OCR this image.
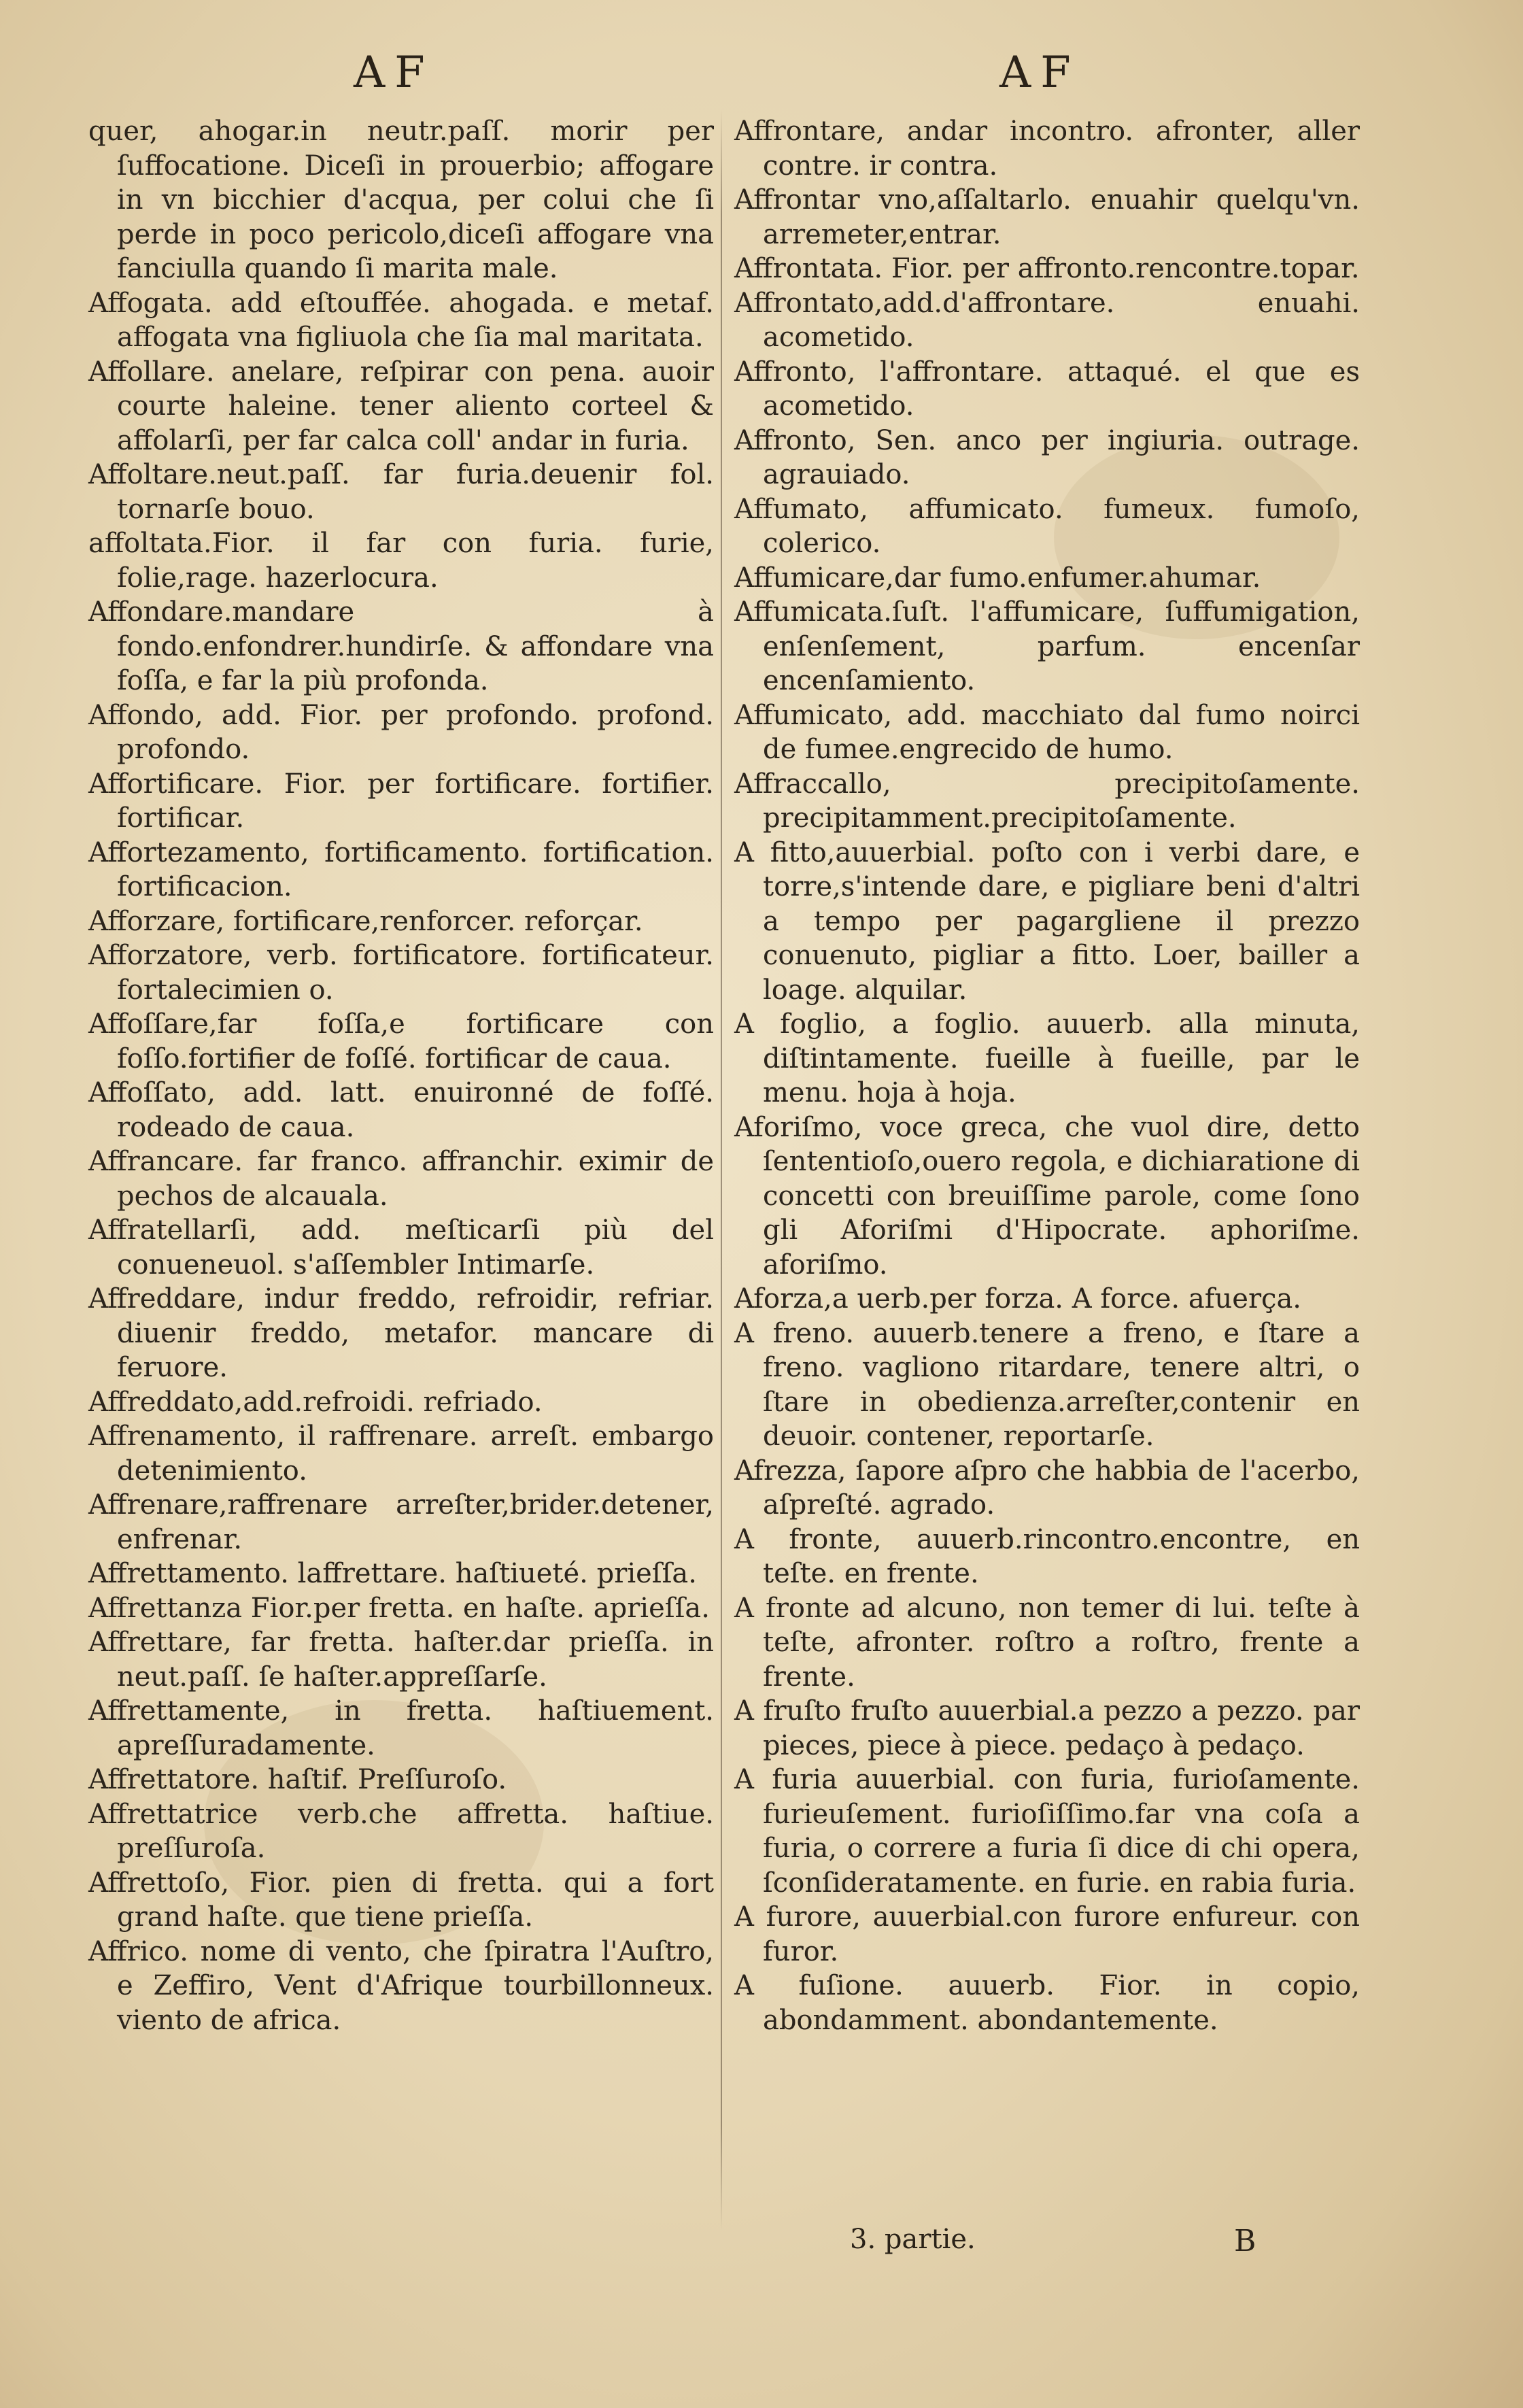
AF	AF

quer, ahogar.in neutr.paſſ. morir per ſuffocatione. Diceſi in prouerbio; affogare in vn bicchier d'acqua, per colui che ſi perde in poco pericolo,diceſi affogare vna fanciulla quando ſi marita male.

Affogata. add eſtouffée. ahogada. e metaf. affogata vna figliuola che ſia mal maritata.

Affollare. anelare, reſpirar con pena. auoir courte haleine. tener aliento corteel & affolarſi, per far calca coll' andar in furia.

Affoltare.neut.paſſ. far furia.deuenir fol. tornarſe bouo.

affoltata.Fior. il far con furia. furie, folie,rage. hazerlocura.

Affondare.mandare à fondo.enfondrer.hundirſe. & affondare vna foſſa, e far la più profonda.

Affondo, add. Fior. per profondo. profond. profondo.

Affortificare. Fior. per fortificare. fortifier. fortificar.

Affortezamento, fortificamento. fortification. fortificacion.

Afforzare, fortificare,renforcer. reforçar.

Afforzatore, verb. fortificatore. fortificateur. fortalecimien o.

Affoſſare,far foſſa,e fortificare con foſſo.fortifier de foſſé. fortificar de caua.

Affoſſato, add. latt. enuironné de foſſé. rodeado de caua.

Affrancare. far franco. affranchir. eximir de pechos de alcauala.

Affratellarſi, add. meſticarſi più del conueneuol. s'aſſembler Intimarſe.

Affreddare, indur freddo, refroidir, refriar. diuenir freddo, metafor. mancare di feruore.

Affreddato,add.refroidi. refriado.

Affrenamento, il raffrenare. arreſt. embargo detenimiento.

Affrenare,raffrenare arreſter,brider.detener, enfrenar.

Affrettamento. laffrettare. haſtiueté. prieſſa.

Affrettanza Fior.per fretta. en haſte. aprieſſa.

Affrettare, far fretta. haſter.dar prieſſa. in neut.paſſ. ſe haſter.appreſſarſe.

Affrettamente, in fretta. haſtiuement. apreſſuradamente.

Affrettatore. haſtif. Preſſuroſo.

Affrettatrice verb.che affretta. haſtiue. preſſuroſa.

Affrettoſo, Fior. pien di fretta. qui a fort grand haſte. que tiene prieſſa.

Affrico. nome di vento, che ſpiratra l'Auſtro, e Zeffiro, Vent d'Afrique tourbillonneux. viento de africa.

Affrontare, andar incontro. afronter, aller contre. ir contra.

Affrontar vno,aſſaltarlo. enuahir quelqu'vn. arremeter,entrar.

Affrontata. Fior. per affronto.rencontre.topar.

Affrontato,add.d'affrontare. enuahi. acometido.

Affronto, l'affrontare. attaqué. el que es acometido.

Affronto, Sen. anco per ingiuria. outrage. agrauiado.

Affumato, affumicato. fumeux. fumoſo, colerico.

Affumicare,dar fumo.enfumer.ahumar.

Affumicata.ſuſt. l'affumicare, ſuffumigation, enſenſement, parfum. encenſar encenſamiento.

Affumicato, add. macchiato dal fumo noirci de fumee.engrecido de humo.

Affraccallo, precipitoſamente. precipitamment.precipitoſamente.

A fitto,auuerbial. poſto con i verbi dare, e torre,s'intende dare, e pigliare beni d'altri a tempo per pagargliene il prezzo conuenuto, pigliar a fitto. Loer, bailler a loage. alquilar.

A foglio, a foglio. auuerb. alla minuta, diſtintamente. fueille à fueille, par le menu. hoja à hoja.

Aforiſmo, voce greca, che vuol dire, detto ſententioſo,ouero regola, e dichiaratione di concetti con breuiſſime parole, come ſono gli Aforiſmi d'Hipocrate. aphoriſme. aforiſmo.

Aforza,a uerb.per forza. A force. afuerça.

A freno. auuerb.tenere a freno, e ſtare a freno. vagliono ritardare, tenere altri, o ſtare in obedienza.arreſter,contenir en deuoir. contener, reportarſe.

Afrezza, ſapore aſpro che habbia de l'acerbo, aſpreſté. agrado.

A fronte, auuerb.rincontro.encontre, en teſte. en frente.

A fronte ad alcuno, non temer di lui. teſte à teſte, afronter. roſtro a roſtro, frente a frente.

A fruſto fruſto auuerbial.a pezzo a pezzo. par pieces, piece à piece. pedaço à pedaço.

A furia auuerbial. con furia, furioſamente. furieuſement. furioſiſſimo.far vna coſa a furia, o correre a furia ſi dice di chi opera, ſconſideratamente. en furie. en rabia furia.

A furore, auuerbial.con furore enfureur. con furor.

A fuſione. auuerb. Fior. in copio, abondamment. abondantemente.

3. partie.	B
